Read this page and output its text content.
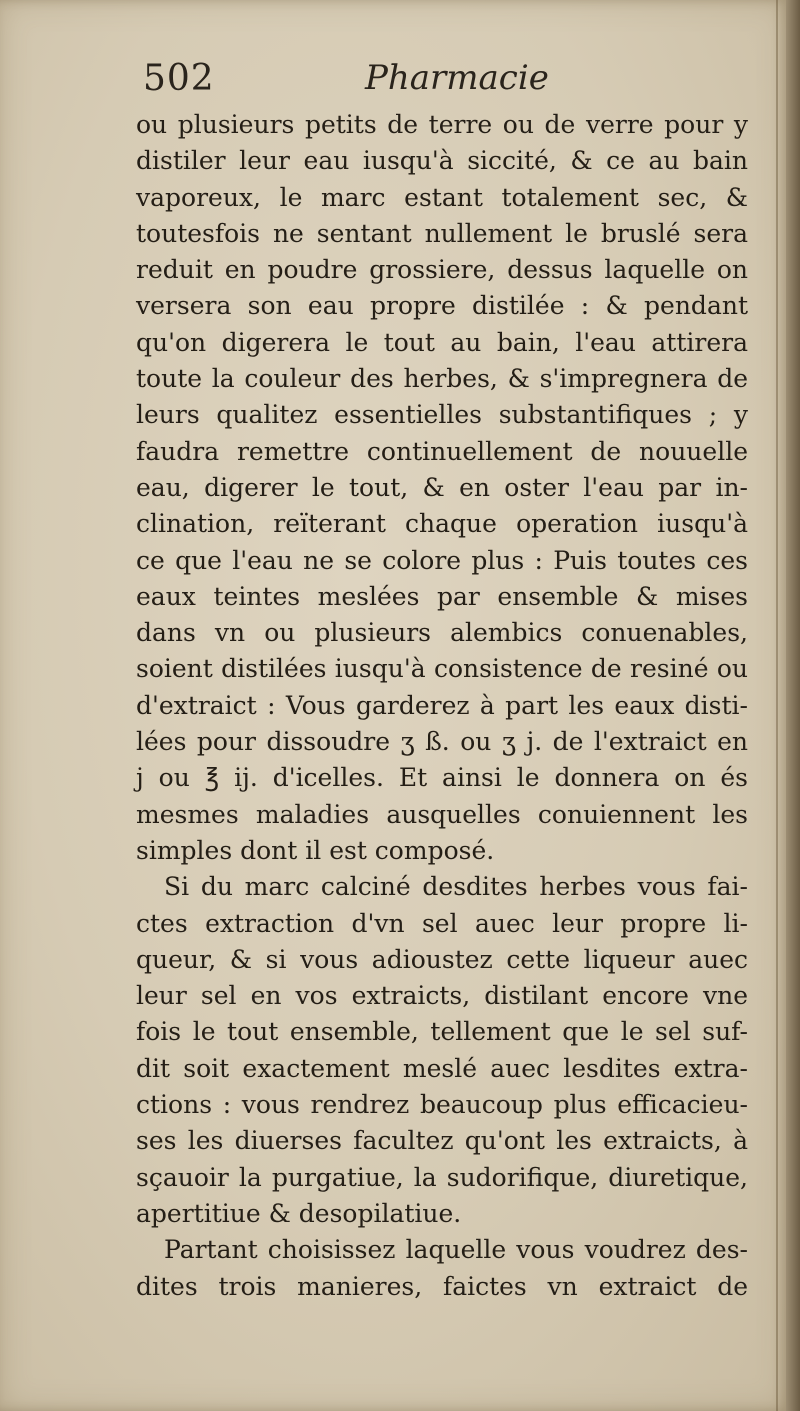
502	Pharmacie
ou plusieurs petits de terre ou de verre pour y
distiler leur eau iusqu'à siccité, & ce au bain
vaporeux, le marc estant totalement sec, &
toutesfois ne sentant nullement le bruslé sera
reduit en poudre grossiere, dessus laquelle on
versera son eau propre distilée : & pendant
qu'on digerera le tout au bain, l'eau attirera
toute la couleur des herbes, & s'impregnera de
leurs qualitez essentielles substantifiques ; y
faudra remettre continuellement de nouuelle
eau, digerer le tout, & en oster l'eau par in-
clination, reïterant chaque operation iusqu'à
ce que l'eau ne se colore plus : Puis toutes ces
eaux teintes meslées par ensemble & mises
dans vn ou plusieurs alembics conuenables,
soient distilées iusqu'à consistence de resiné ou
d'extraict : Vous garderez à part les eaux disti-
lées pour dissoudre ʒ ß. ou ʒ j. de l'extraict en
j ou ℥ ij. d'icelles. Et ainsi le donnera on és
mesmes maladies ausquelles conuiennent les
simples dont il est composé.
Si du marc calciné desdites herbes vous fai-
ctes extraction d'vn sel auec leur propre li-
queur, & si vous adioustez cette liqueur auec
leur sel en vos extraicts, distilant encore vne
fois le tout ensemble, tellement que le sel suf-
dit soit exactement meslé auec lesdites extra-
ctions : vous rendrez beaucoup plus efficacieu-
ses les diuerses facultez qu'ont les extraicts, à
sçauoir la purgatiue, la sudorifique, diuretique,
apertitiue & desopilatiue.
Partant choisissez laquelle vous voudrez des-
dites trois manieres, faictes vn extraict de
